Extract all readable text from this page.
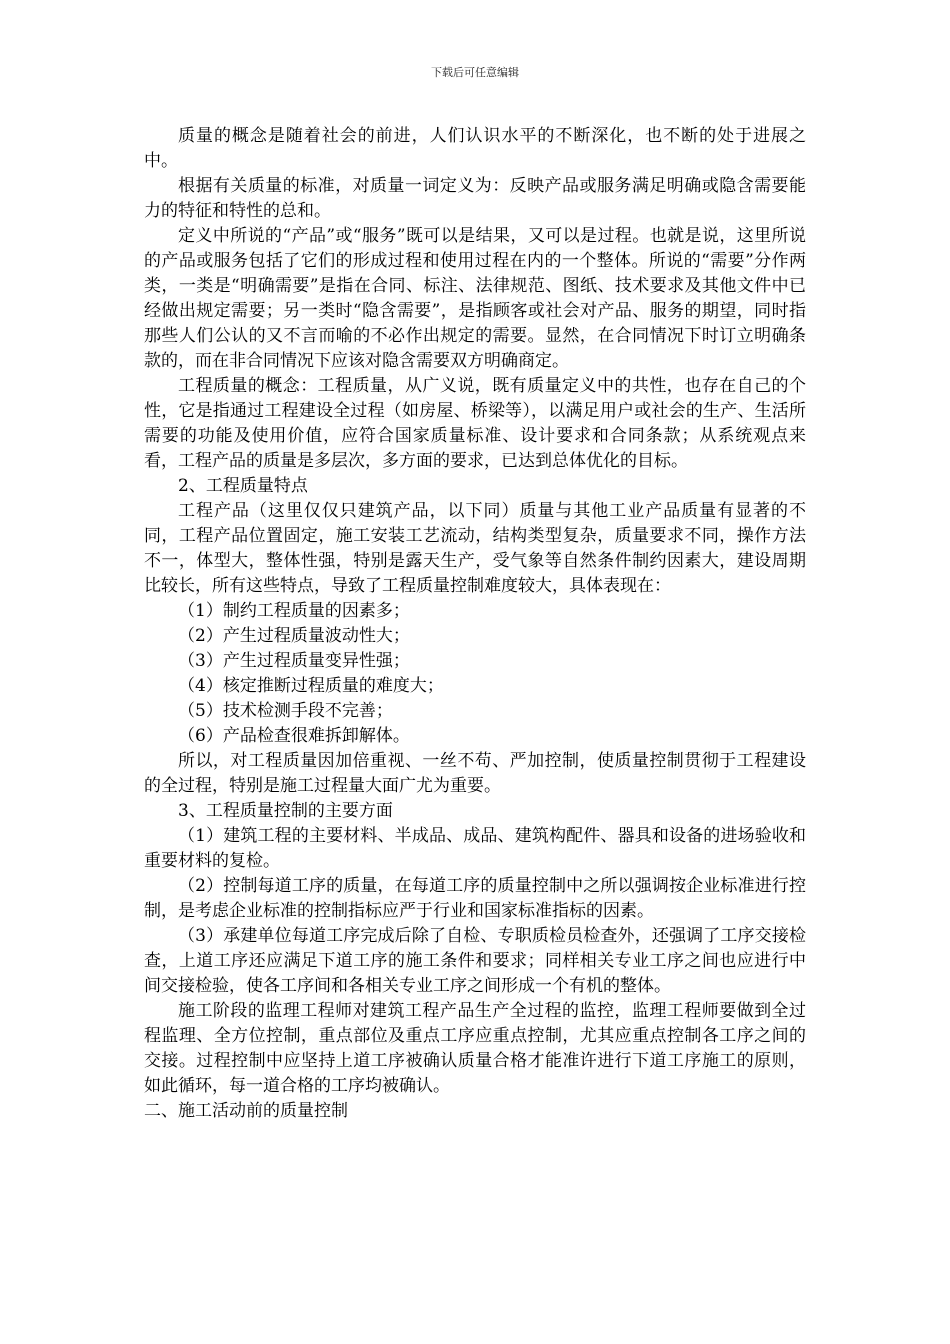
下载后可任意编辑

质量的概念是随着社会的前进，人们认识水平的不断深化，也不断的处于进展之中。

根据有关质量的标准，对质量一词定义为：反映产品或服务满足明确或隐含需要能力的特征和特性的总和。

定义中所说的“产品”或“服务”既可以是结果，又可以是过程。也就是说，这里所说的产品或服务包括了它们的形成过程和使用过程在内的一个整体。所说的“需要”分作两类，一类是“明确需要”是指在合同、标注、法律规范、图纸、技术要求及其他文件中已经做出规定需要；另一类时“隐含需要”，是指顾客或社会对产品、服务的期望，同时指那些人们公认的又不言而喻的不必作出规定的需要。显然，在合同情况下时订立明确条款的，而在非合同情况下应该对隐含需要双方明确商定。

工程质量的概念：工程质量，从广义说，既有质量定义中的共性，也存在自己的个性，它是指通过工程建设全过程（如房屋、桥梁等），以满足用户或社会的生产、生活所需要的功能及使用价值，应符合国家质量标准、设计要求和合同条款；从系统观点来看，工程产品的质量是多层次，多方面的要求，已达到总体优化的目标。

2、工程质量特点

工程产品（这里仅仅只建筑产品，以下同）质量与其他工业产品质量有显著的不同，工程产品位置固定，施工安装工艺流动，结构类型复杂，质量要求不同，操作方法不一，体型大，整体性强，特别是露天生产，受气象等自然条件制约因素大，建设周期比较长，所有这些特点，导致了工程质量控制难度较大，具体表现在：

（1）制约工程质量的因素多；

（2）产生过程质量波动性大；

（3）产生过程质量变异性强；

（4）核定推断过程质量的难度大；

（5）技术检测手段不完善；

（6）产品检查很难拆卸解体。

所以，对工程质量因加倍重视、一丝不苟、严加控制，使质量控制贯彻于工程建设的全过程，特别是施工过程量大面广尤为重要。

3、工程质量控制的主要方面

（1）建筑工程的主要材料、半成品、成品、建筑构配件、器具和设备的进场验收和重要材料的复检。

（2）控制每道工序的质量，在每道工序的质量控制中之所以强调按企业标准进行控制，是考虑企业标准的控制指标应严于行业和国家标准指标的因素。

（3）承建单位每道工序完成后除了自检、专职质检员检查外，还强调了工序交接检查，上道工序还应满足下道工序的施工条件和要求；同样相关专业工序之间也应进行中间交接检验，使各工序间和各相关专业工序之间形成一个有机的整体。

施工阶段的监理工程师对建筑工程产品生产全过程的监控，监理工程师要做到全过程监理、全方位控制，重点部位及重点工序应重点控制，尤其应重点控制各工序之间的交接。过程控制中应坚持上道工序被确认质量合格才能准许进行下道工序施工的原则，如此循环，每一道合格的工序均被确认。

二、施工活动前的质量控制
